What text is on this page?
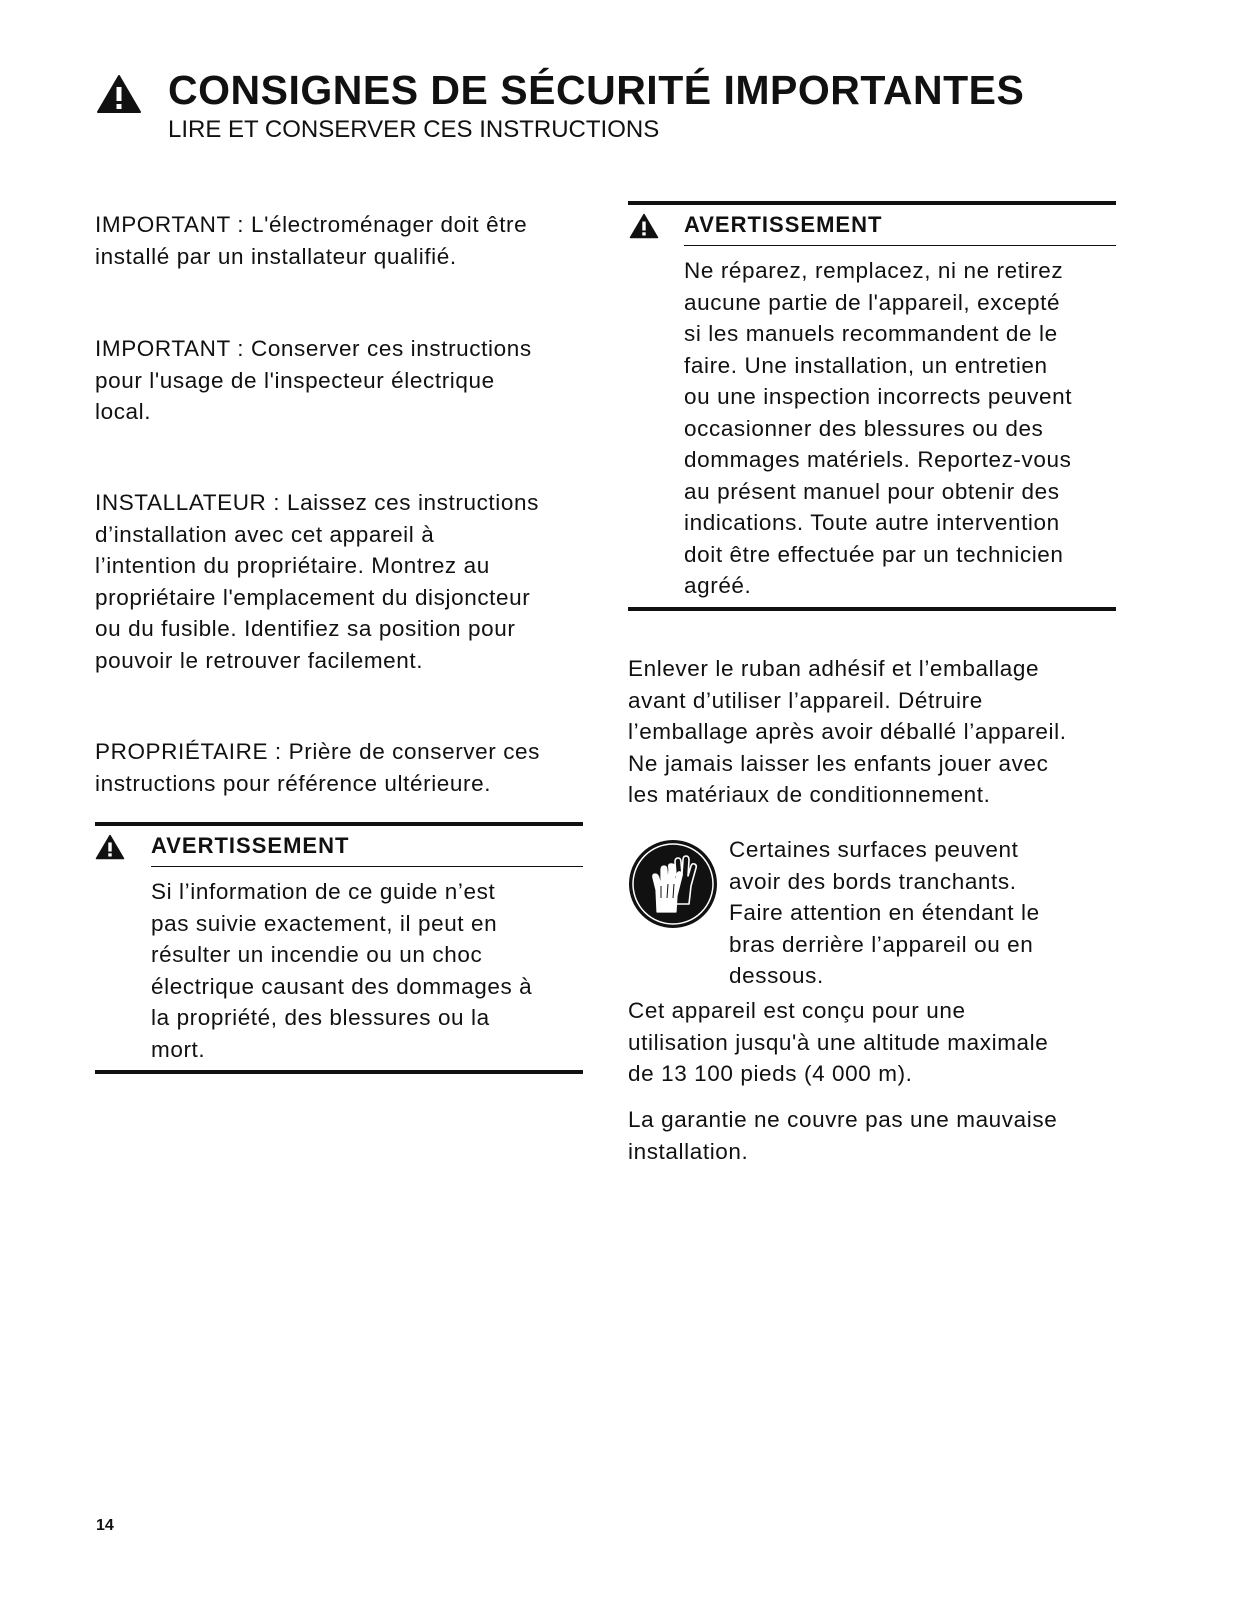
CONSIGNES DE SÉCURITÉ IMPORTANTES
LIRE ET CONSERVER CES INSTRUCTIONS
IMPORTANT : L'électroménager doit être
installé par un installateur qualifié.
IMPORTANT : Conserver ces instructions
pour l'usage de l'inspecteur électrique
local.
INSTALLATEUR : Laissez ces instructions
d’installation avec cet appareil à
l’intention du propriétaire. Montrez au
propriétaire l'emplacement du disjoncteur
ou du fusible. Identifiez sa position pour
pouvoir le retrouver facilement.
PROPRIÉTAIRE : Prière de conserver ces
instructions pour référence ultérieure.
AVERTISSEMENT
Si l’information de ce guide n’est
pas suivie exactement, il peut en
résulter un incendie ou un choc
électrique causant des dommages à
la propriété, des blessures ou la
mort.
AVERTISSEMENT
Ne réparez, remplacez, ni ne retirez
aucune partie de l'appareil, excepté
si les manuels recommandent de le
faire. Une installation, un entretien
ou une inspection incorrects peuvent
occasionner des blessures ou des
dommages matériels. Reportez-vous
au présent manuel pour obtenir des
indications. Toute autre intervention
doit être effectuée par un technicien
agréé.
Enlever le ruban adhésif et l’emballage
avant d’utiliser l’appareil. Détruire
l’emballage après avoir déballé l’appareil.
Ne jamais laisser les enfants jouer avec
les matériaux de conditionnement.
Certaines surfaces peuvent
avoir des bords tranchants.
Faire attention en étendant le
bras derrière l’appareil ou en
dessous.
Cet appareil est conçu pour une
utilisation jusqu'à une altitude maximale
de 13 100 pieds (4 000 m).
La garantie ne couvre pas une mauvaise
installation.
14
